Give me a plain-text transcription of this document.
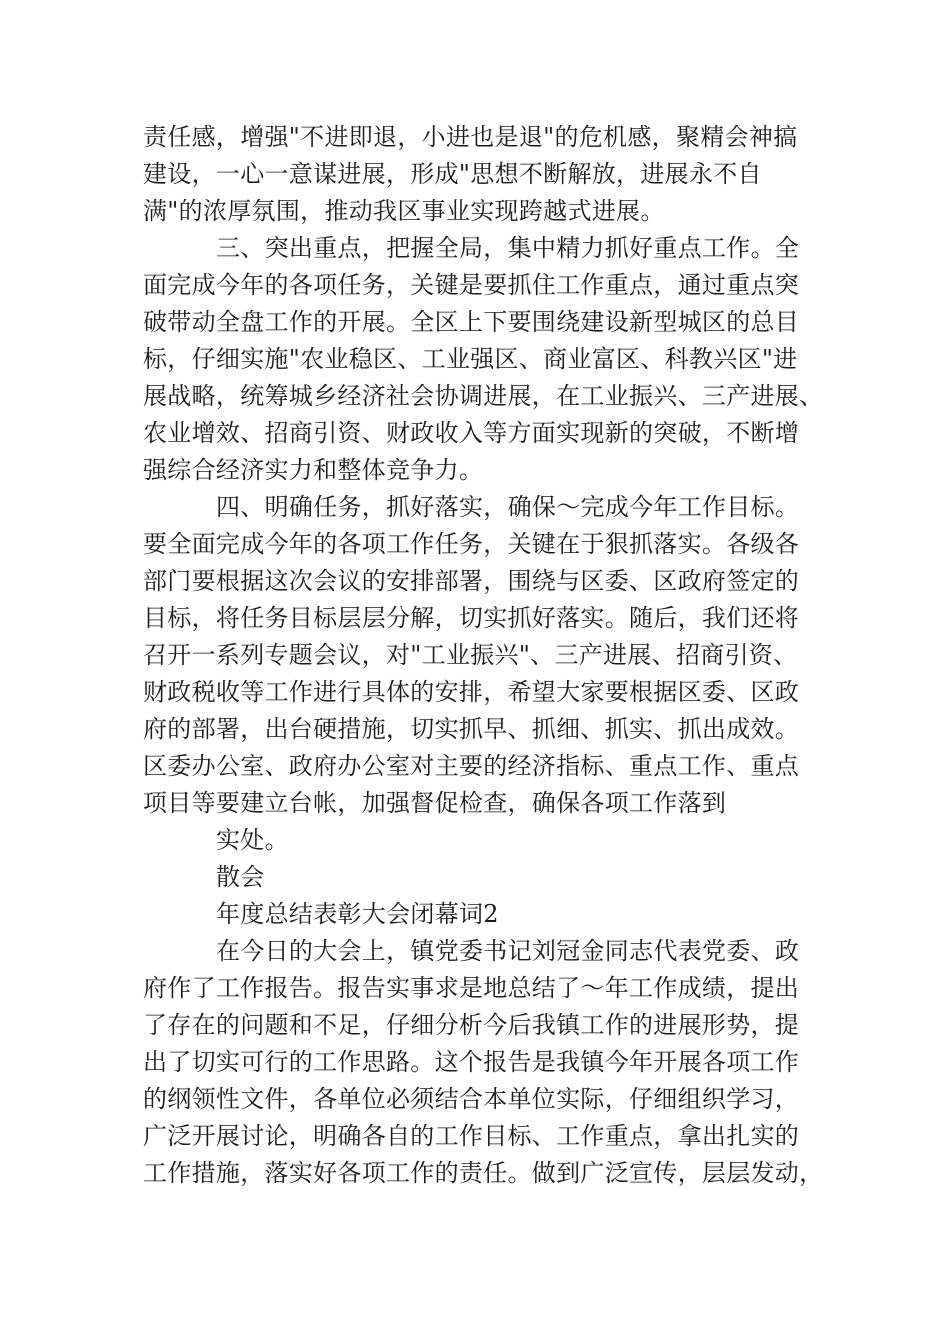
责任感，增强"不进即退，小进也是退"的危机感，聚精会神搞
建设，一心一意谋进展，形成"思想不断解放，进展永不自
满"的浓厚氛围，推动我区事业实现跨越式进展。
三、突出重点，把握全局，集中精力抓好重点工作。全
面完成今年的各项任务，关键是要抓住工作重点，通过重点突
破带动全盘工作的开展。全区上下要围绕建设新型城区的总目
标，仔细实施"农业稳区、工业强区、商业富区、科教兴区"进
展战略，统筹城乡经济社会协调进展，在工业振兴、三产进展、
农业增效、招商引资、财政收入等方面实现新的突破，不断增
强综合经济实力和整体竞争力。
四、明确任务，抓好落实，确保～完成今年工作目标。
要全面完成今年的各项工作任务，关键在于狠抓落实。各级各
部门要根据这次会议的安排部署，围绕与区委、区政府签定的
目标，将任务目标层层分解，切实抓好落实。随后，我们还将
召开一系列专题会议，对"工业振兴"、三产进展、招商引资、
财政税收等工作进行具体的安排，希望大家要根据区委、区政
府的部署，出台硬措施，切实抓早、抓细、抓实、抓出成效。
区委办公室、政府办公室对主要的经济指标、重点工作、重点
项目等要建立台帐，加强督促检查，确保各项工作落到
实处。
散会
年度总结表彰大会闭幕词2
在今日的大会上，镇党委书记刘冠金同志代表党委、政
府作了工作报告。报告实事求是地总结了～年工作成绩，提出
了存在的问题和不足，仔细分析今后我镇工作的进展形势，提
出了切实可行的工作思路。这个报告是我镇今年开展各项工作
的纲领性文件，各单位必须结合本单位实际，仔细组织学习，
广泛开展讨论，明确各自的工作目标、工作重点，拿出扎实的
工作措施，落实好各项工作的责任。做到广泛宣传，层层发动，
